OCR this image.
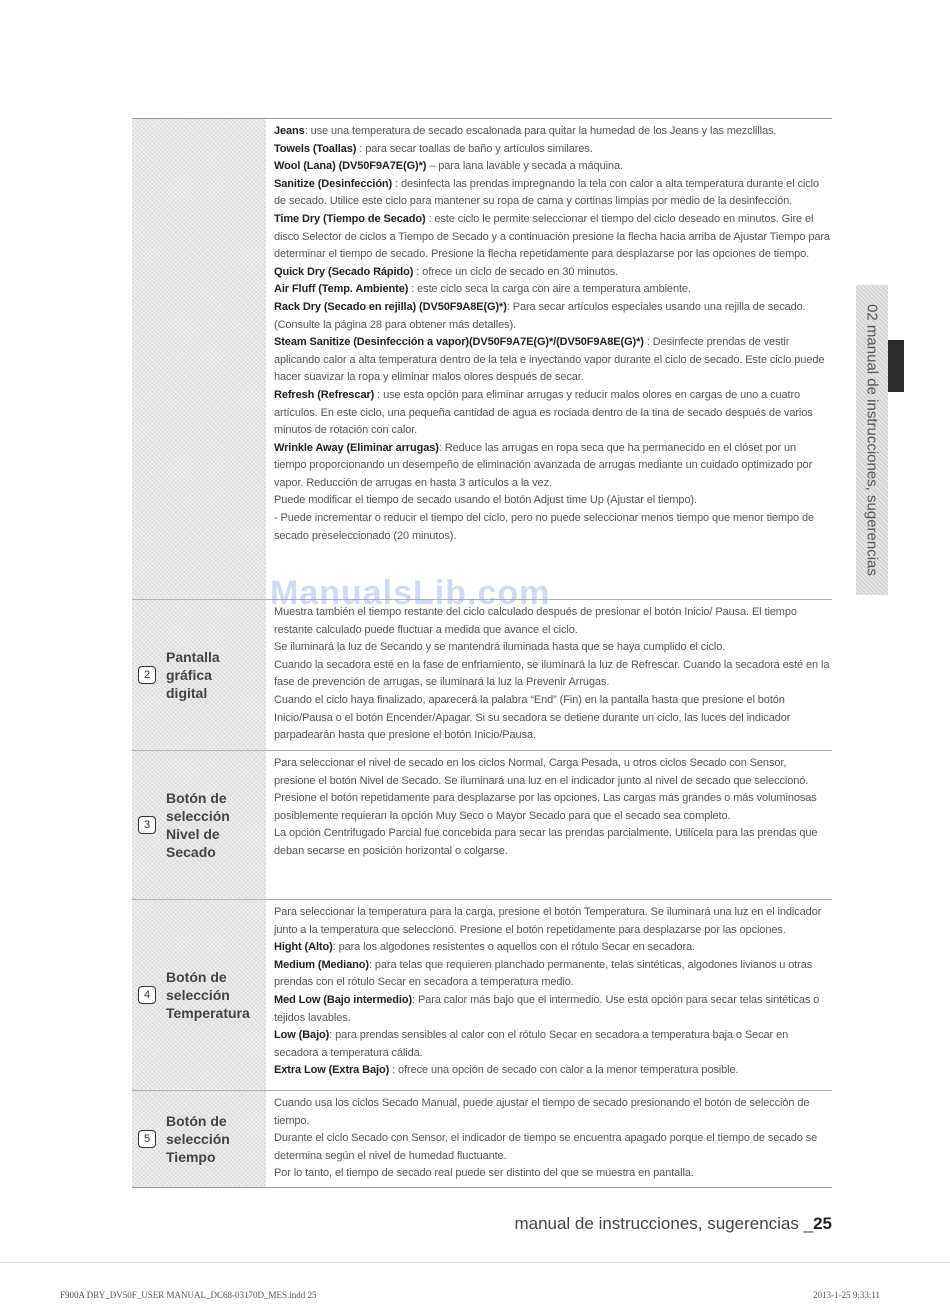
Jeans: use una temperatura de secado escalonada para quitar la humedad de los Jeans y las mezclillas.

Towels (Toallas) : para secar toallas de baño y artículos similares.

Wool (Lana) (DV50F9A7E(G)*) – para lana lavable y secada a máquina.

Sanitize (Desinfección) : desinfecta las prendas impregnando la tela con calor a alta temperatura durante el ciclo de secado. Utilice este ciclo para mantener su ropa de cama y cortinas limpias por medio de la desinfección.

Time Dry (Tiempo de Secado) : este ciclo le permite seleccionar el tiempo del ciclo deseado en minutos. Gire el disco Selector de ciclos a Tiempo de Secado y a continuación presione la flecha hacia arriba de Ajustar Tiempo para determinar el tiempo de secado. Presione la flecha repetidamente para desplazarse por las opciones de tiempo.

Quick Dry (Secado Rápido) : ofrece un ciclo de secado en 30 minutos.

Air Fluff (Temp. Ambiente) : este ciclo seca la carga con aire a temperatura ambiente.

Rack Dry (Secado en rejilla) (DV50F9A8E(G)*): Para secar artículos especiales usando una rejilla de secado. (Consulte la página 28 para obtener más detalles).

Steam Sanitize (Desinfección a vapor)(DV50F9A7E(G)*/(DV50F9A8E(G)*) : Desinfecte prendas de vestir aplicando calor a alta temperatura dentro de la tela e inyectando vapor durante el ciclo de secado. Este ciclo puede hacer suavizar la ropa y eliminar malos olores después de secar.

Refresh (Refrescar) : use esta opción para eliminar arrugas y reducir malos olores en cargas de uno a cuatro artículos. En este ciclo, una pequeña cantidad de agua es rociada dentro de la tina de secado después de varios minutos de rotación con calor.

Wrinkle Away (Eliminar arrugas): Reduce las arrugas en ropa seca que ha permanecido en el clóset por un tiempo proporcionando un desempeño de eliminación avanzada de arrugas mediante un cuidado optimizado por vapor. Reducción de arrugas en hasta 3 artículos a la vez.

Puede modificar el tiempo de secado usando el botón Adjust time Up (Ajustar el tiempo).

- Puede incrementar o reducir el tiempo del ciclo, pero no puede seleccionar menos tiempo que menor tiempo de secado preseleccionado (20 minutos).

2
Pantalla
gráfica
digital

Muestra también el tiempo restante del ciclo calculado después de presionar el botón Inicio/ Pausa. El tiempo restante calculado puede fluctuar a medida que avance el ciclo.

Se iluminará la luz de Secando y se mantendrá iluminada hasta que se haya cumplido el ciclo.

Cuando la secadora esté en la fase de enfriamiento, se iluminará la luz de Refrescar. Cuando la secadora esté en la fase de prevención de arrugas, se iluminará la luz la Prevenir Arrugas.

Cuando el ciclo haya finalizado, aparecerá la palabra “End” (Fin) en la pantalla hasta que presione el botón Inicio/Pausa o el botón Encender/Apagar. Si su secadora se detiene durante un ciclo, las luces del indicador parpadearán hasta que presione el botón Inicio/Pausa.

3
Botón de
selección
Nivel de
Secado

Para seleccionar el nivel de secado en los ciclos Normal, Carga Pesada, u otros ciclos Secado con Sensor, presione el botón Nivel de Secado. Se iluminará una luz en el indicador junto al nivel de secado que seleccionó.

Presione el botón repetidamente para desplazarse por las opciones. Las cargas más grandes o más voluminosas posiblemente requieran la opción Muy Seco o Mayor Secado para que el secado sea completo.

La opción Centrifugado Parcial fue concebida para secar las prendas parcialmente. Utilícela para las prendas que deban secarse en posición horizontal o colgarse.

4
Botón de
selección
Temperatura

Para seleccionar la temperatura para la carga, presione el botón Temperatura. Se iluminará una luz en el indicador junto a la temperatura que seleccionó. Presione el botón repetidamente para desplazarse por las opciones.

Hight (Alto): para los algodones resistentes o aquellos con el rótulo Secar en secadora.

Medium (Mediano): para telas que requieren planchado permanente, telas sintéticas, algodones livianos u otras prendas con el rótulo Secar en secadora a temperatura medio.

Med Low (Bajo intermedio): Para calor más bajo que el intermedio. Use esta opción para secar telas sintéticas o tejidos lavables.

Low (Bajo): para prendas sensibles al calor con el rótulo Secar en secadora a temperatura baja o Secar en secadora a temperatura cálida.

Extra Low (Extra Bajo) : ofrece una opción de secado con calor a la menor temperatura posible.

5
Botón de
selección
Tiempo

Cuando usa los ciclos Secado Manual, puede ajustar el tiempo de secado presionando el botón de selección de tiempo.

Durante el ciclo Secado con Sensor, el indicador de tiempo se encuentra apagado porque el tiempo de secado se determina según el nivel de humedad fluctuante.

Por lo tanto, el tiempo de secado real puede ser distinto del que se muestra en pantalla.

ManualsLib.com
02 manual de instrucciones, sugerencias
manual de instrucciones, sugerencias _25
F900A DRY_DV50F_USER MANUAL_DC68-03170D_MES.indd 25	2013-1-25 9:33:11
